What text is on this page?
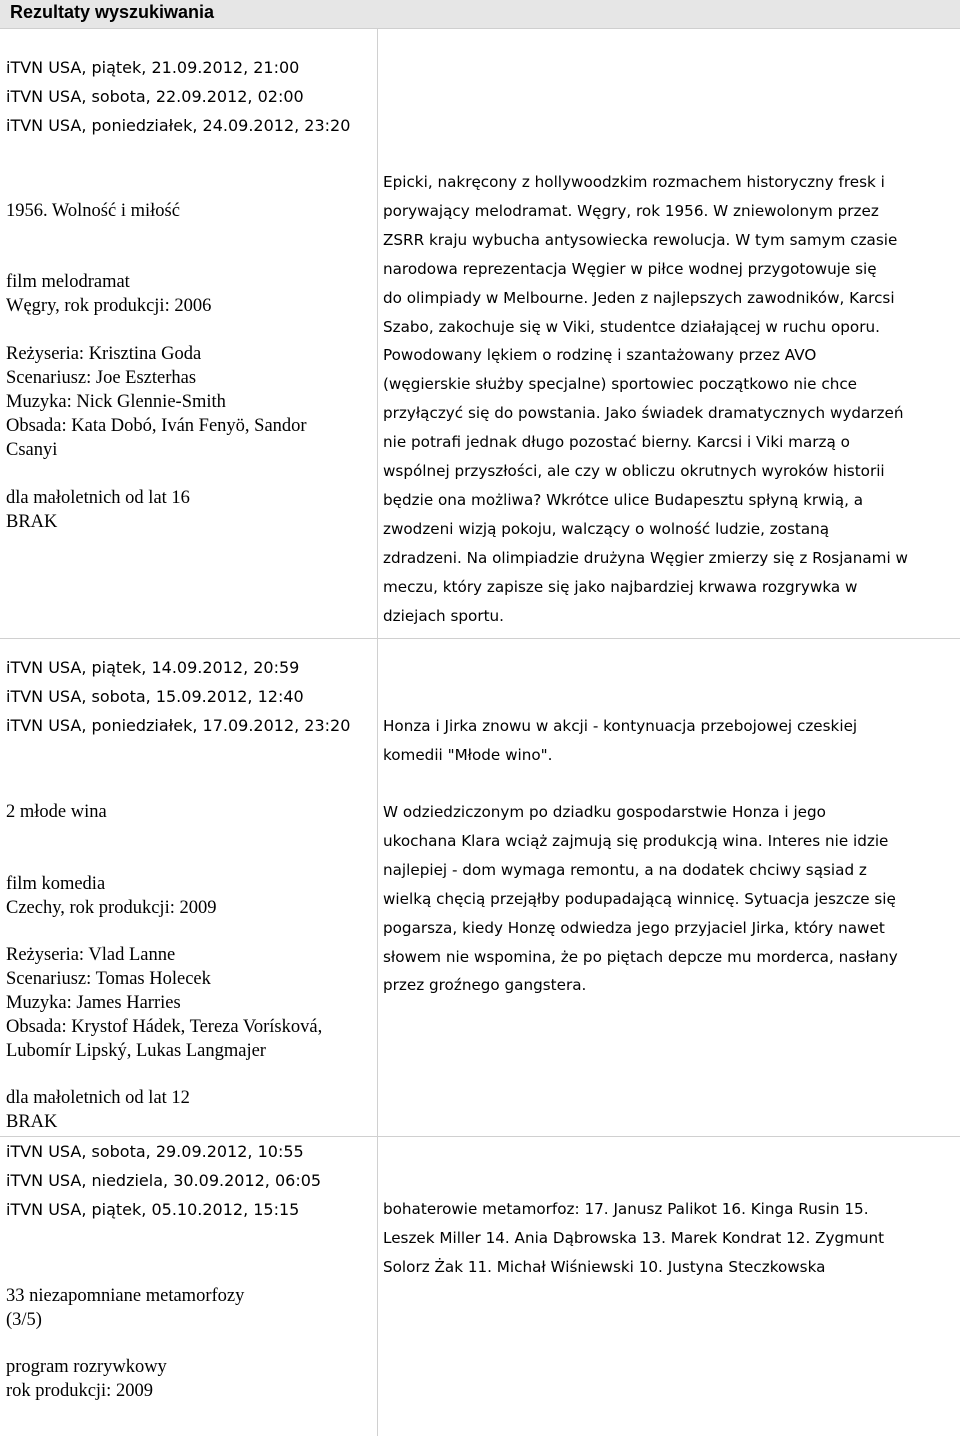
Rezultaty wyszukiwania
iTVN USA, piątek, 21.09.2012, 21:00
iTVN USA, sobota, 22.09.2012, 02:00
iTVN USA, poniedziałek, 24.09.2012, 23:20
1956. Wolność i miłość
film melodramat
Węgry, rok produkcji: 2006
Reżyseria: Krisztina Goda
Scenariusz: Joe Eszterhas
Muzyka: Nick Glennie-Smith
Obsada: Kata Dobó, Iván Fenyö, Sandor
Csanyi
dla małoletnich od lat 16
BRAK
Epicki, nakręcony z hollywoodzkim rozmachem historyczny fresk i
porywający melodramat. Węgry, rok 1956. W zniewolonym przez
ZSRR kraju wybucha antysowiecka rewolucja. W tym samym czasie
narodowa reprezentacja Węgier w piłce wodnej przygotowuje się
do olimpiady w Melbourne. Jeden z najlepszych zawodników, Karcsi
Szabo, zakochuje się w Viki, studentce działającej w ruchu oporu.
Powodowany lękiem o rodzinę i szantażowany przez AVO
(węgierskie służby specjalne) sportowiec początkowo nie chce
przyłączyć się do powstania. Jako świadek dramatycznych wydarzeń
nie potrafi jednak długo pozostać bierny. Karcsi i Viki marzą o
wspólnej przyszłości, ale czy w obliczu okrutnych wyroków historii
będzie ona możliwa? Wkrótce ulice Budapesztu spłyną krwią, a
zwodzeni wizją pokoju, walczący o wolność ludzie, zostaną
zdradzeni. Na olimpiadzie drużyna Węgier zmierzy się z Rosjanami w
meczu, który zapisze się jako najbardziej krwawa rozgrywka w
dziejach sportu.
iTVN USA, piątek, 14.09.2012, 20:59
iTVN USA, sobota, 15.09.2012, 12:40
iTVN USA, poniedziałek, 17.09.2012, 23:20 Honza i Jirka znowu w akcji - kontynuacja przebojowej czeskiej
komedii "Młode wino".
2 młode wina
film komedia
Czechy, rok produkcji: 2009
Reżyseria: Vlad Lanne
Scenariusz: Tomas Holecek
Muzyka: James Harries
Obsada: Krystof Hádek, Tereza Vorísková,
Lubomír Lipský, Lukas Langmajer
dla małoletnich od lat 12
BRAK
W odziedziczonym po dziadku gospodarstwie Honza i jego
ukochana Klara wciąż zajmują się produkcją wina. Interes nie idzie
najlepiej - dom wymaga remontu, a na dodatek chciwy sąsiad z
wielką chęcią przejąłby podupadającą winnicę. Sytuacja jeszcze się
pogarsza, kiedy Honzę odwiedza jego przyjaciel Jirka, który nawet
słowem nie wspomina, że po piętach depcze mu morderca, nasłany
przez groźnego gangstera.
iTVN USA, sobota, 29.09.2012, 10:55
iTVN USA, niedziela, 30.09.2012, 06:05
iTVN USA, piątek, 05.10.2012, 15:15	bohaterowie metamorfoz: 17. Janusz Palikot 16. Kinga Rusin 15.
Leszek Miller 14. Ania Dąbrowska 13. Marek Kondrat 12. Zygmunt
Solorz Żak 11. Michał Wiśniewski 10. Justyna Steczkowska
33 niezapomniane metamorfozy
(3/5)
program rozrywkowy
rok produkcji: 2009
